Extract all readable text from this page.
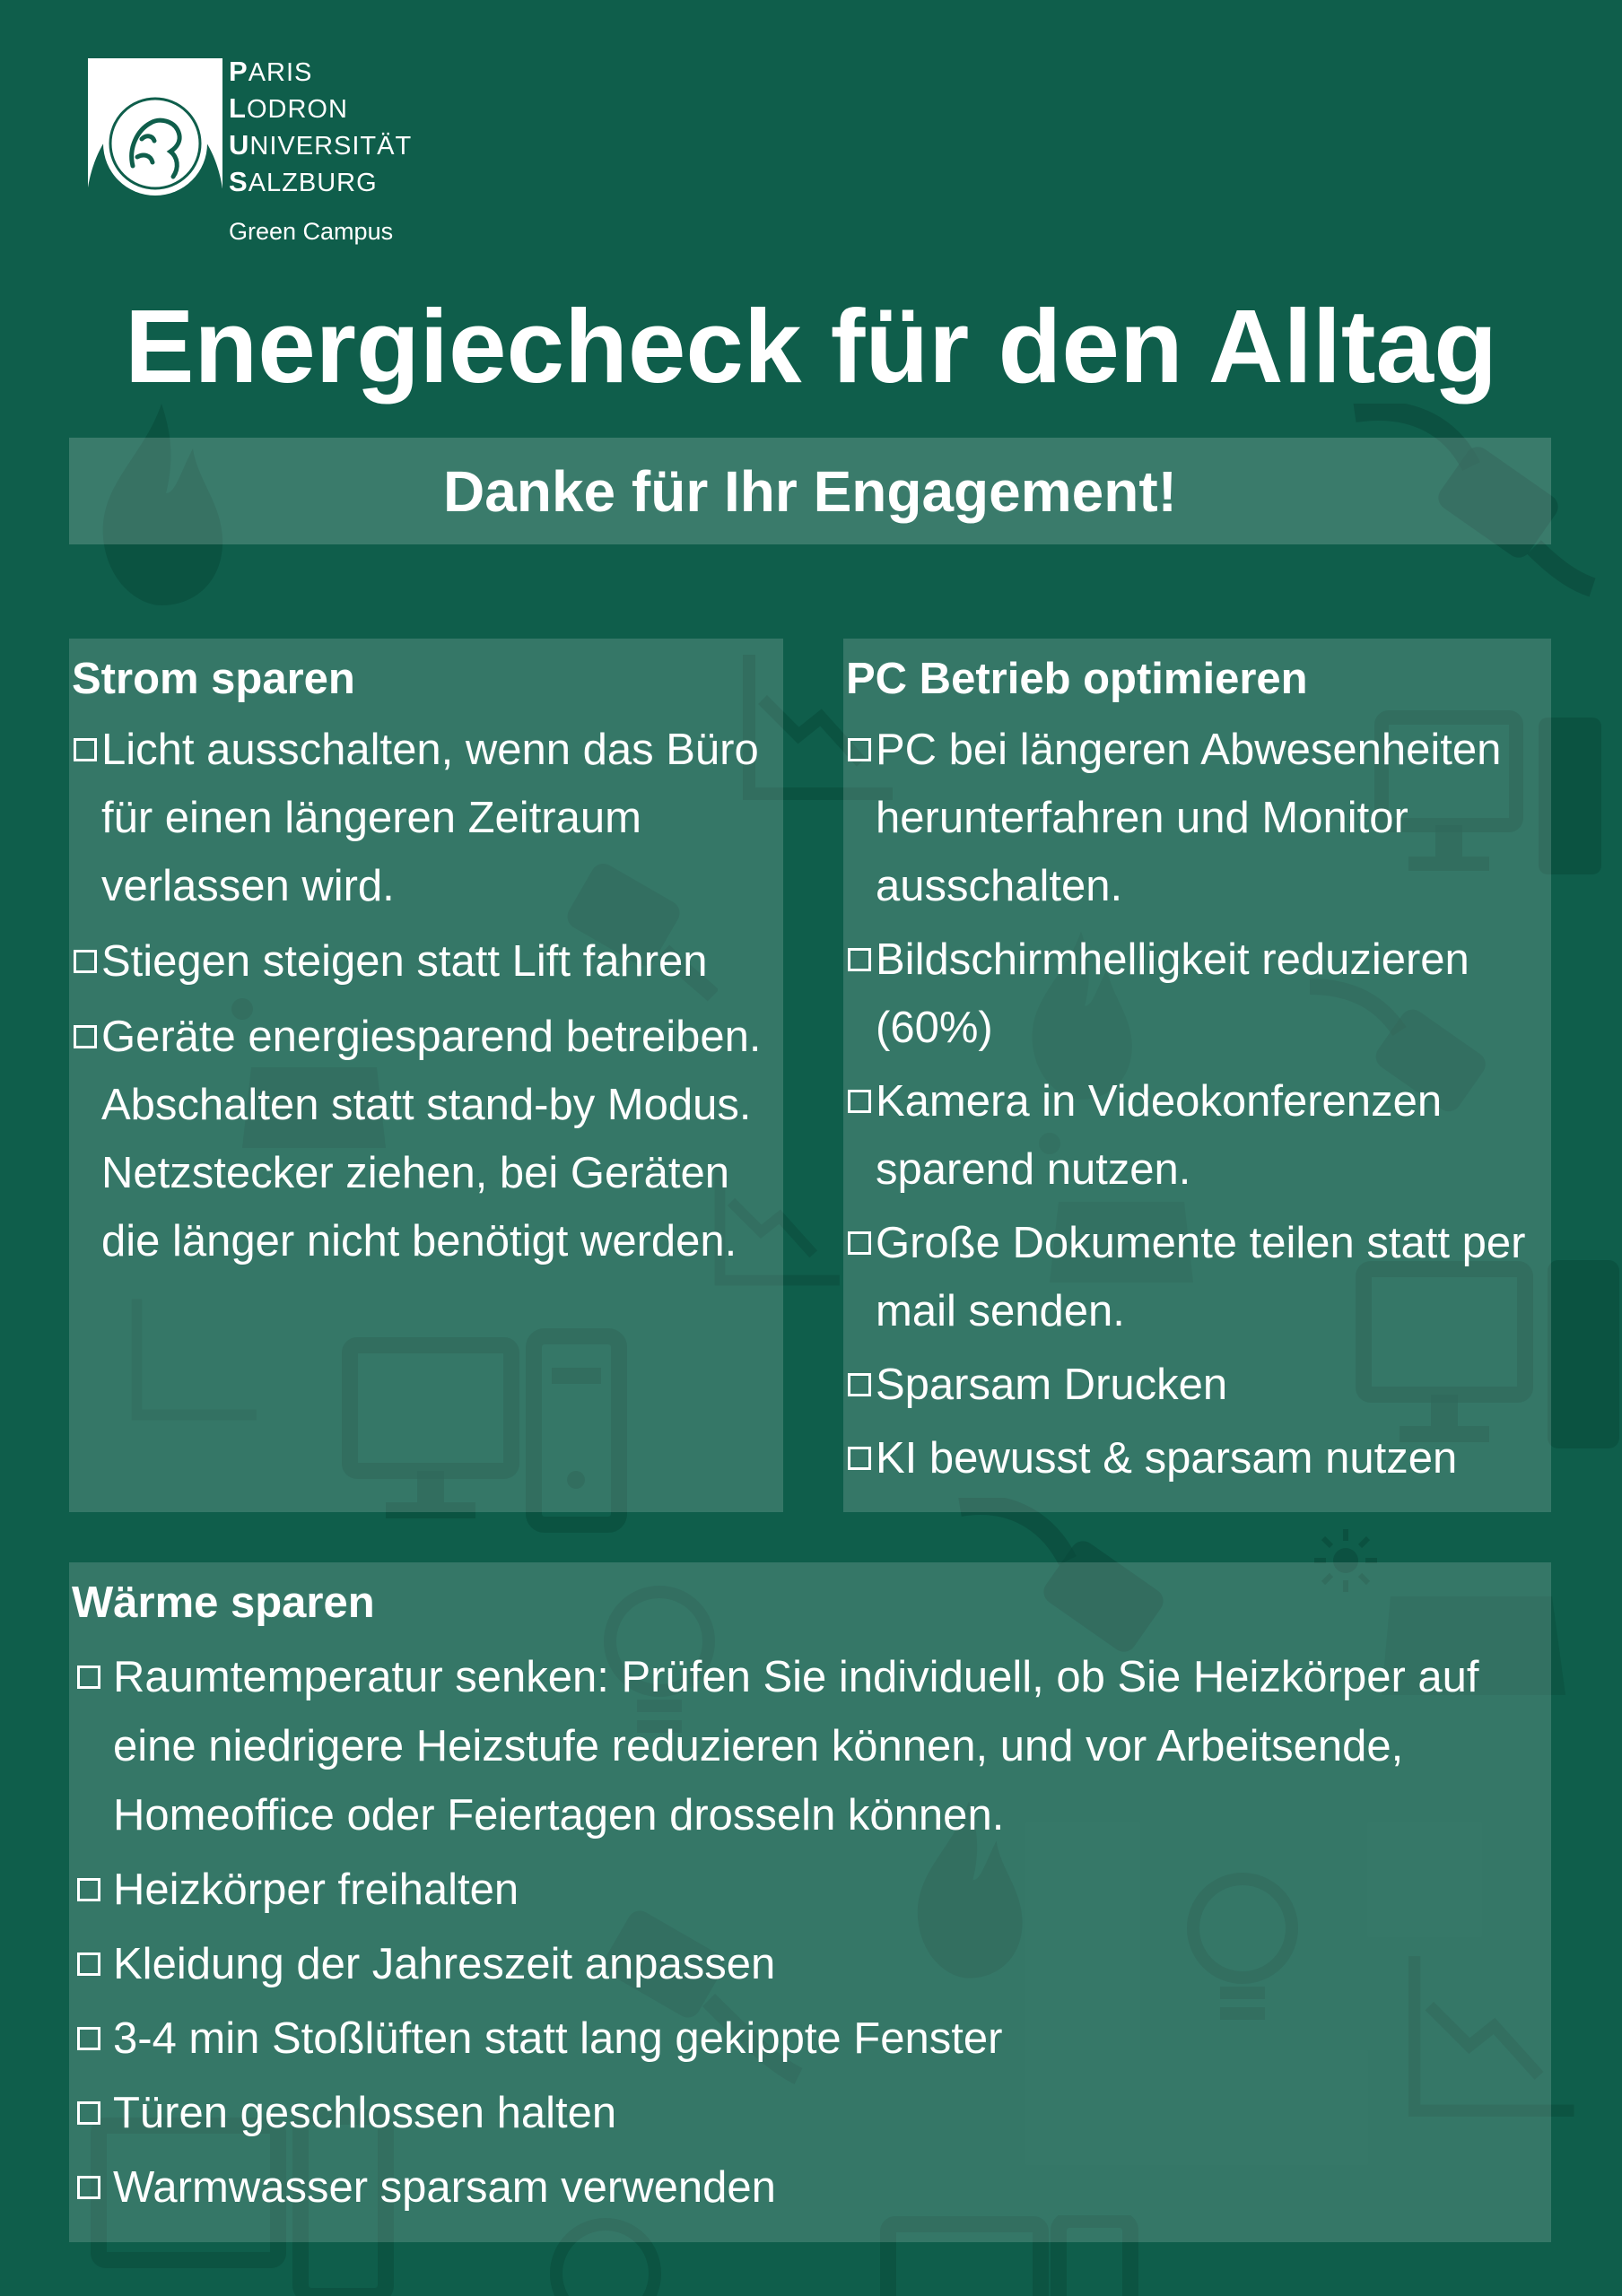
PARIS
LODRON
UNIVERSITÄT
SALZBURG
Green Campus
Energiecheck für den Alltag
Danke für Ihr Engagement!
Strom sparen
Licht ausschalten, wenn das Büro für einen längeren Zeitraum verlassen wird.
Stiegen steigen statt Lift fahren
Geräte energiesparend betreiben. Abschalten statt stand-by Modus. Netzstecker ziehen, bei Geräten die länger nicht benötigt werden.
PC Betrieb optimieren
PC bei längeren Abwesenheiten herunterfahren und Monitor ausschalten.
Bildschirmhelligkeit reduzieren (60%)
Kamera in Videokonferenzen sparend nutzen.
Große Dokumente teilen statt per mail senden.
Sparsam Drucken
KI bewusst & sparsam nutzen
Wärme sparen
Raumtemperatur senken: Prüfen Sie individuell, ob Sie Heizkörper auf eine niedrigere Heizstufe reduzieren können, und vor Arbeitsende, Homeoffice oder Feiertagen drosseln können.
Heizkörper freihalten
Kleidung der Jahreszeit anpassen
3-4 min Stoßlüften statt lang gekippte Fenster
Türen geschlossen halten
Warmwasser sparsam verwenden
